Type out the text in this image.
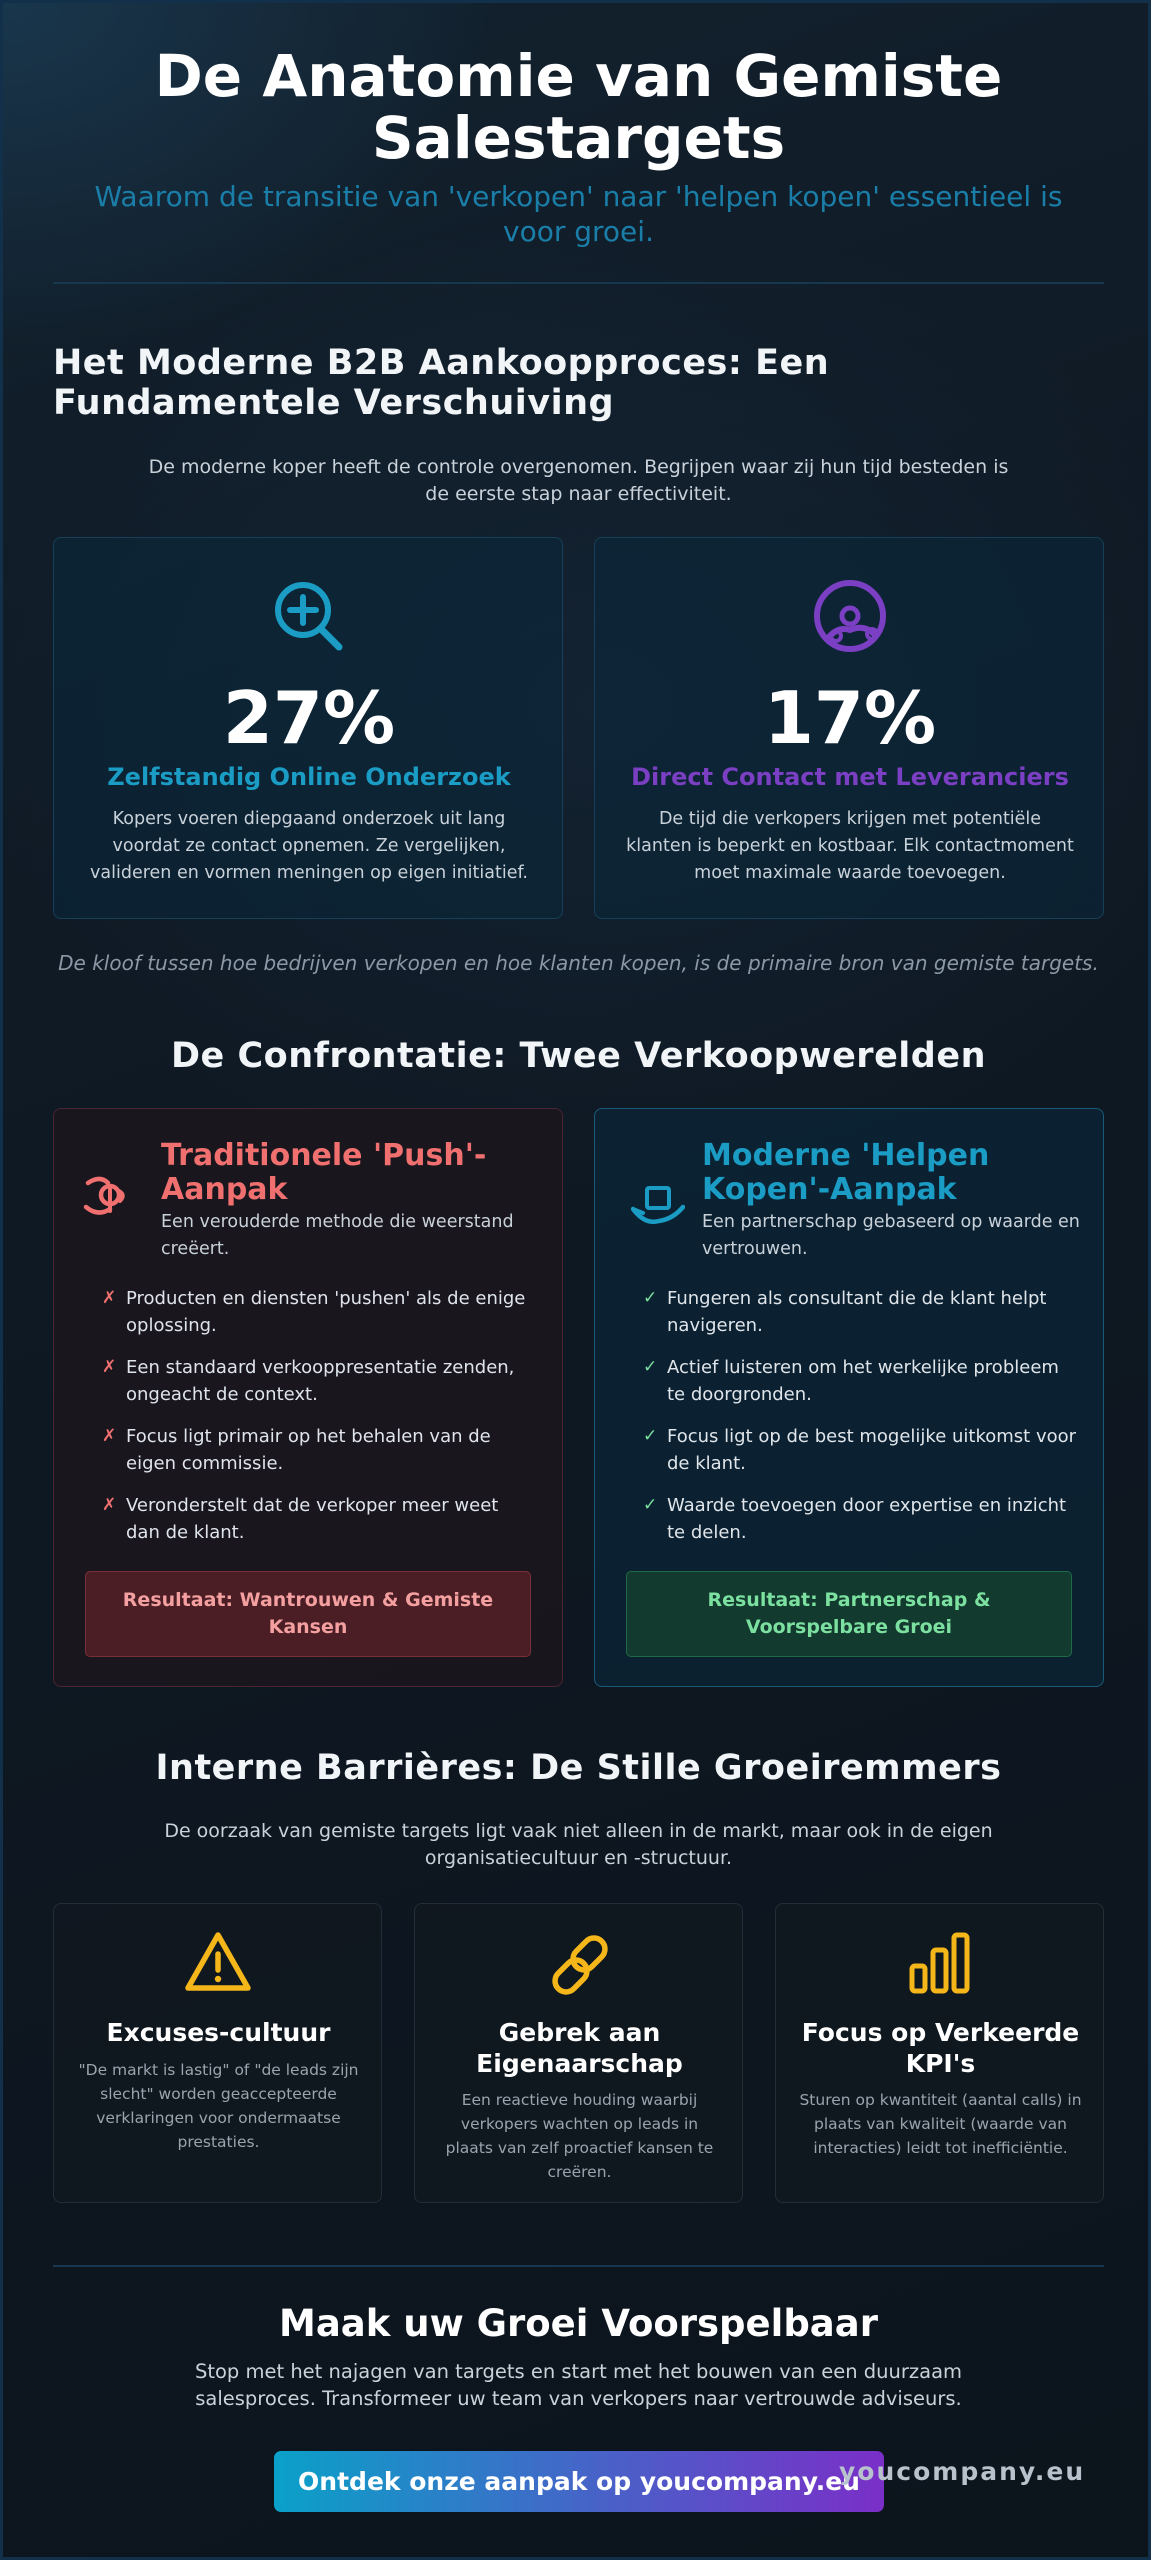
De Anatomie van Gemiste
Salestargets
Waarom de transitie van 'verkopen' naar 'helpen kopen' essentieel is voor groei.
Het Moderne B2B Aankoopproces: Een
Fundamentele Verschuiving
De moderne koper heeft de controle overgenomen. Begrijpen waar zij hun tijd besteden is de eerste stap naar effectiviteit.
27%
Zelfstandig Online Onderzoek
Kopers voeren diepgaand onderzoek uit lang voordat ze contact opnemen. Ze vergelijken, valideren en vormen meningen op eigen initiatief.
17%
Direct Contact met Leveranciers
De tijd die verkopers krijgen met potentiële klanten is beperkt en kostbaar. Elk contactmoment moet maximale waarde toevoegen.
De kloof tussen hoe bedrijven verkopen en hoe klanten kopen, is de primaire bron van gemiste targets.
De Confrontatie: Twee Verkoopwerelden
Traditionele 'Push'-
Aanpak
Een verouderde methode die weerstand creëert.
✗ Producten en diensten 'pushen' als de enige oplossing.
✗ Een standaard verkooppresentatie zenden, ongeacht de context.
✗ Focus ligt primair op het behalen van de eigen commissie.
✗ Veronderstelt dat de verkoper meer weet dan de klant.
Resultaat: Wantrouwen & Gemiste Kansen
Moderne 'Helpen
Kopen'-Aanpak
Een partnerschap gebaseerd op waarde en vertrouwen.
✓ Fungeren als consultant die de klant helpt navigeren.
✓ Actief luisteren om het werkelijke probleem te doorgronden.
✓ Focus ligt op de best mogelijke uitkomst voor de klant.
✓ Waarde toevoegen door expertise en inzicht te delen.
Resultaat: Partnerschap & Voorspelbare Groei
Interne Barrières: De Stille Groeiremmers
De oorzaak van gemiste targets ligt vaak niet alleen in de markt, maar ook in de eigen organisatiecultuur en -structuur.
Excuses-cultuur
"De markt is lastig" of "de leads zijn slecht" worden geaccepteerde verklaringen voor ondermaatse prestaties.
Gebrek aan Eigenaarschap
Een reactieve houding waarbij verkopers wachten op leads in plaats van zelf proactief kansen te creëren.
Focus op Verkeerde KPI's
Sturen op kwantiteit (aantal calls) in plaats van kwaliteit (waarde van interacties) leidt tot inefficiëntie.
Maak uw Groei Voorspelbaar
Stop met het najagen van targets en start met het bouwen van een duurzaam salesproces. Transformeer uw team van verkopers naar vertrouwde adviseurs.
Ontdek onze aanpak op youcompany.eu
youcompany.eu
